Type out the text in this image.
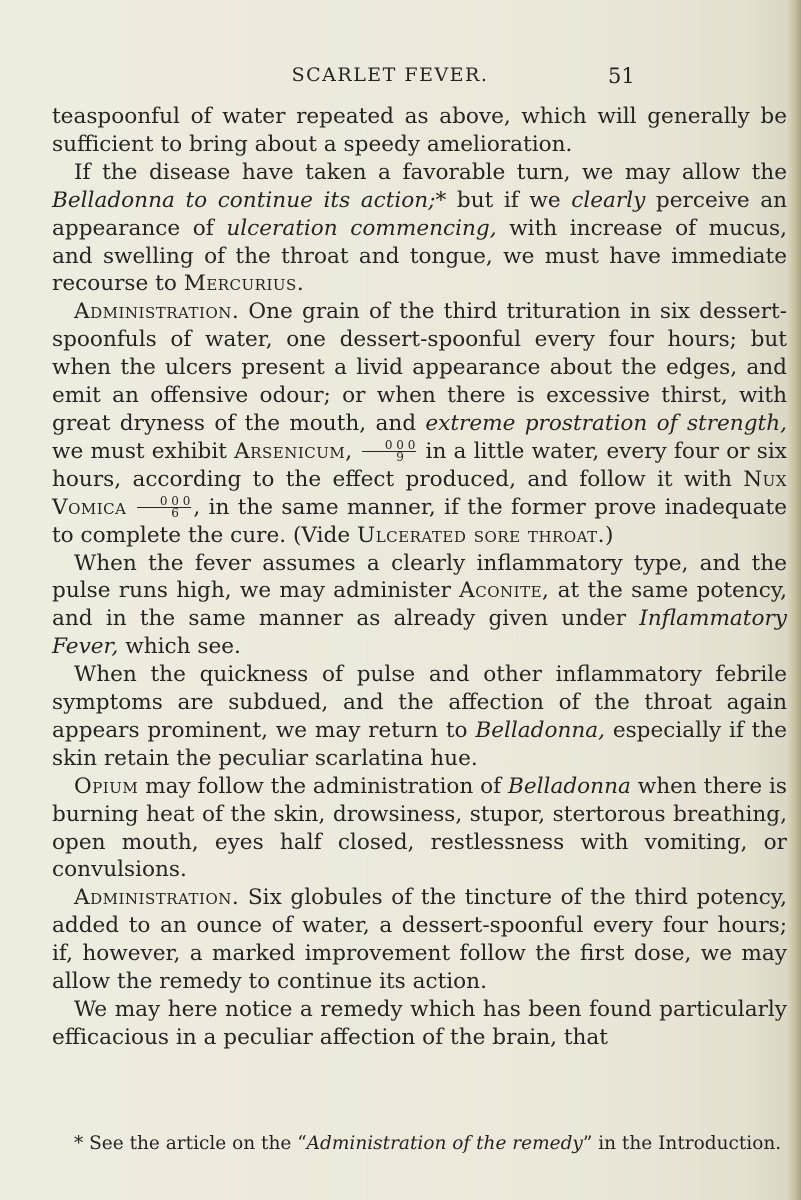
SCARLET FEVER.	51

teaspoonful of water repeated as above, which will generally be sufficient to bring about a speedy amelioration.

If the disease have taken a favorable turn, we may allow the Belladonna to continue its action;* but if we clearly perceive an appearance of ulceration commencing, with increase of mucus, and swelling of the throat and tongue, we must have immediate recourse to Mercurius.

Administration. One grain of the third trituration in six dessert-spoonfuls of water, one dessert-spoonful every four hours; but when the ulcers present a livid appearance about the edges, and emit an offensive odour; or when there is excessive thirst, with great dryness of the mouth, and extreme prostration of strength, we must exhibit Arsenicum, $\frac{0 0 0}{9}$ in a little water, every four or six hours, according to the effect produced, and follow it with Nux Vomica $\frac{0 0 0}{6}$ , in the same manner, if the former prove inadequate to complete the cure. (Vide Ulcerated sore throat.)

When the fever assumes a clearly inflammatory type, and the pulse runs high, we may administer Aconite, at the same potency, and in the same manner as already given under Inflammatory Fever, which see.

When the quickness of pulse and other inflammatory febrile symptoms are subdued, and the affection of the throat again appears prominent, we may return to Belladonna, especially if the skin retain the peculiar scarlatina hue.

Opium may follow the administration of Belladonna when there is burning heat of the skin, drowsiness, stupor, stertorous breathing, open mouth, eyes half closed, restlessness with vomiting, or convulsions.

Administration. Six globules of the tincture of the third potency, added to an ounce of water, a dessert-spoonful every four hours; if, however, a marked improvement follow the first dose, we may allow the remedy to continue its action.

We may here notice a remedy which has been found particularly efficacious in a peculiar affection of the brain, that

* See the article on the “Administration of the remedy” in the Introduction.
